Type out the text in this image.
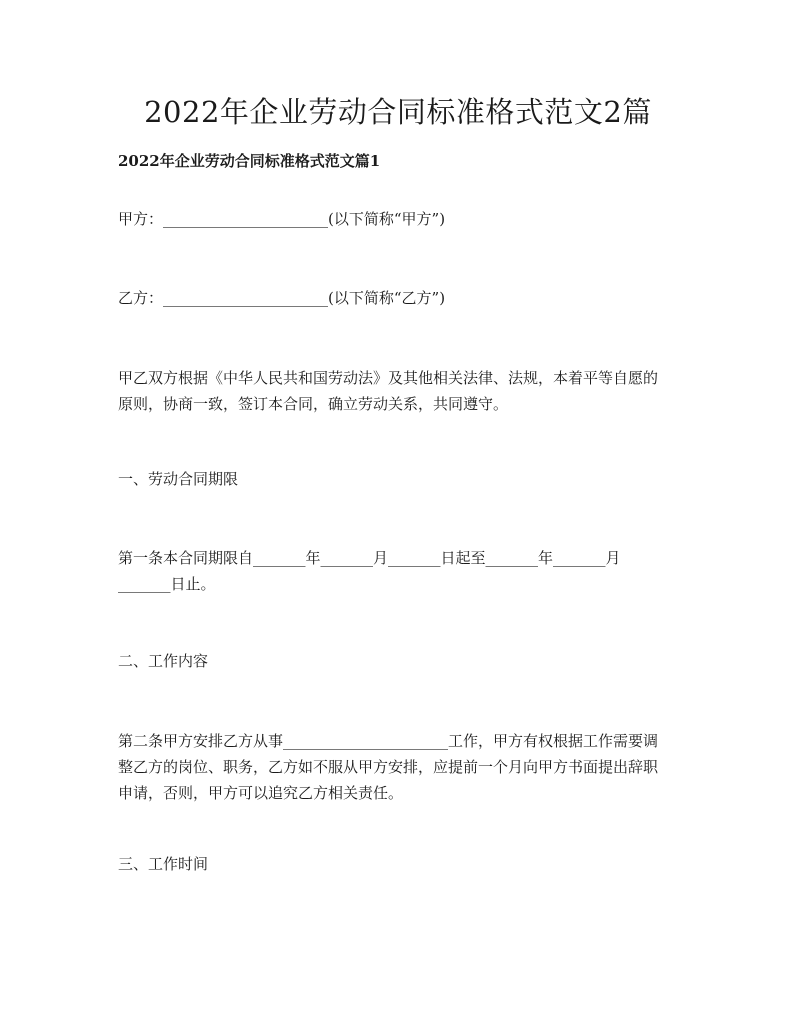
2022年企业劳动合同标准格式范文2篇

2022年企业劳动合同标准格式范文篇1

甲方：______________________(以下简称“甲方”)

乙方：______________________(以下简称“乙方”)

甲乙双方根据《中华人民共和国劳动法》及其他相关法律、法规，本着平等自愿的

原则，协商一致，签订本合同，确立劳动关系，共同遵守。

一、劳动合同期限

第一条本合同期限自_______年_______月_______日起至_______年_______月

_______日止。

二、工作内容

第二条甲方安排乙方从事______________________工作，甲方有权根据工作需要调

整乙方的岗位、职务，乙方如不服从甲方安排，应提前一个月向甲方书面提出辞职

申请，否则，甲方可以追究乙方相关责任。

三、工作时间
